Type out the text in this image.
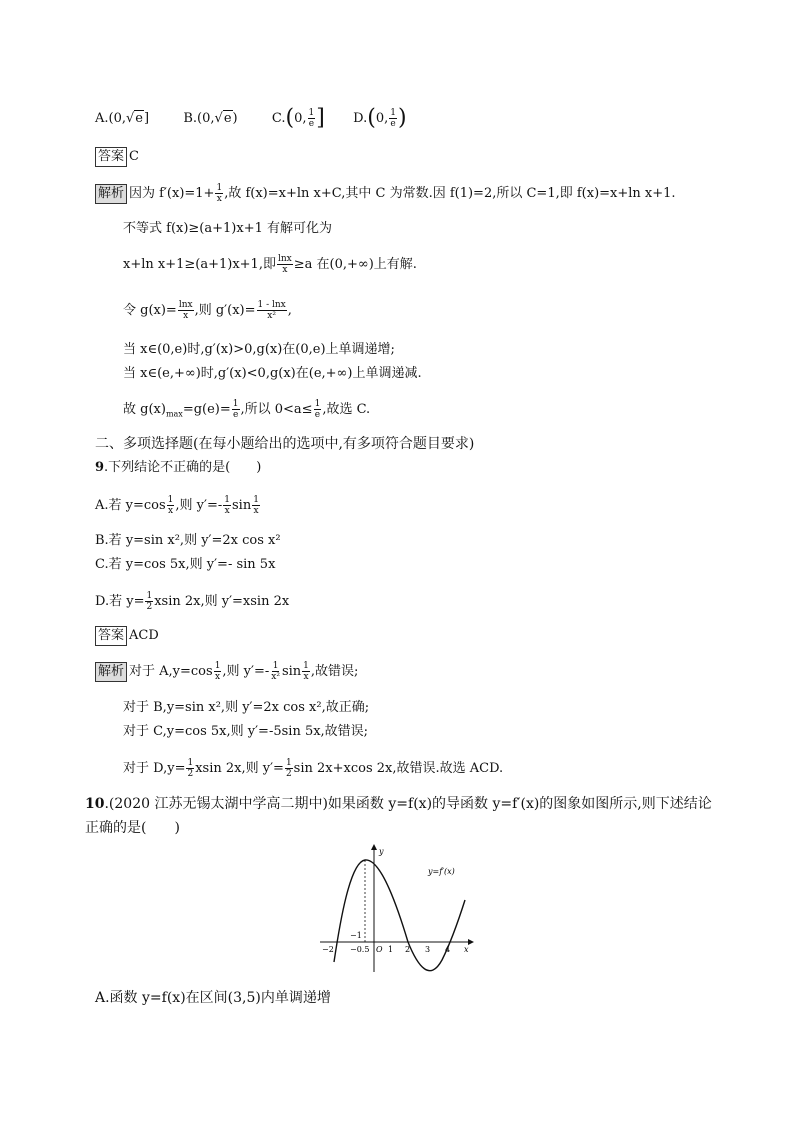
A.(0,√e]	B.(0,√e)	C.(0, $\frac{1}{e}$ ] D.(0, $\frac{1}{e}$ )
答案 C
解析 因为 $f'(x)=1+ \frac{1}{x}$ ,故 f(x)=x+ln x+C,其中 C 为常数.因 f(1)=2,所以 C=1,即 f(x)=x+ln x+1.
不等式 f(x)≥(a+1)x+1 有解可化为
x+ln x+1≥(a+1)x+1,即 $\frac{\ln x}{x} \ge a$ 在(0,+∞)上有解.
令 $g(x)= \frac{\ln x}{x}$ ,则 $g'(x)= \frac{1 - \ln x}{\text{x²}}$ ,
当 x∈(0,e)时,g′(x)>0,g(x)在(0,e)上单调递增;
当 x∈(e,+∞)时,g′(x)<0,g(x)在(e,+∞)上单调递减.
故 $g(x)_{max}=g(e)= \frac{1}{e}$ ,所以 $0<a\le \frac{1}{e}$ ,故选 C.
二、多项选择题(在每小题给出的选项中,有多项符合题目要求)
9.下列结论不正确的是(　　)
A.若 $y=\cos \frac{1}{x}$ ,则 $y'=- \frac{1}{x}$ $\sin \frac{1}{x}$
B.若 y=sin x²,则 y′=2x cos x²
C.若 y=cos 5x,则 y′=- sin 5x
D.若 $y= \frac{1}{2}$ xsin 2x,则 y′=xsin 2x
答案 ACD
解析 对于 $A,y=\cos \frac{1}{x}$ ,则 $y'=- \frac{1}{\text{x²}}$ $\sin \frac{1}{x}$ ,故错误;
对于 B,y=sin x²,则 y′=2x cos x²,故正确;
对于 C,y=cos 5x,则 y′=-5sin 5x,故错误;
对于 $D,y= \frac{1}{2}$ xsin 2x,则 $y'= \frac{1}{2}$ sin 2x+xcos 2x,故错误.故选 ACD.
10.(2020 江苏无锡太湖中学高二期中)如果函数 y=f(x)的导函数 y=f′(x)的图象如图所示,则下述结论
正确的是(　　)
−2 −0.5 O 1 2 3 4
−1
x
y
y=f′(x)
A.函数 y=f(x)在区间(3,5)内单调递增
